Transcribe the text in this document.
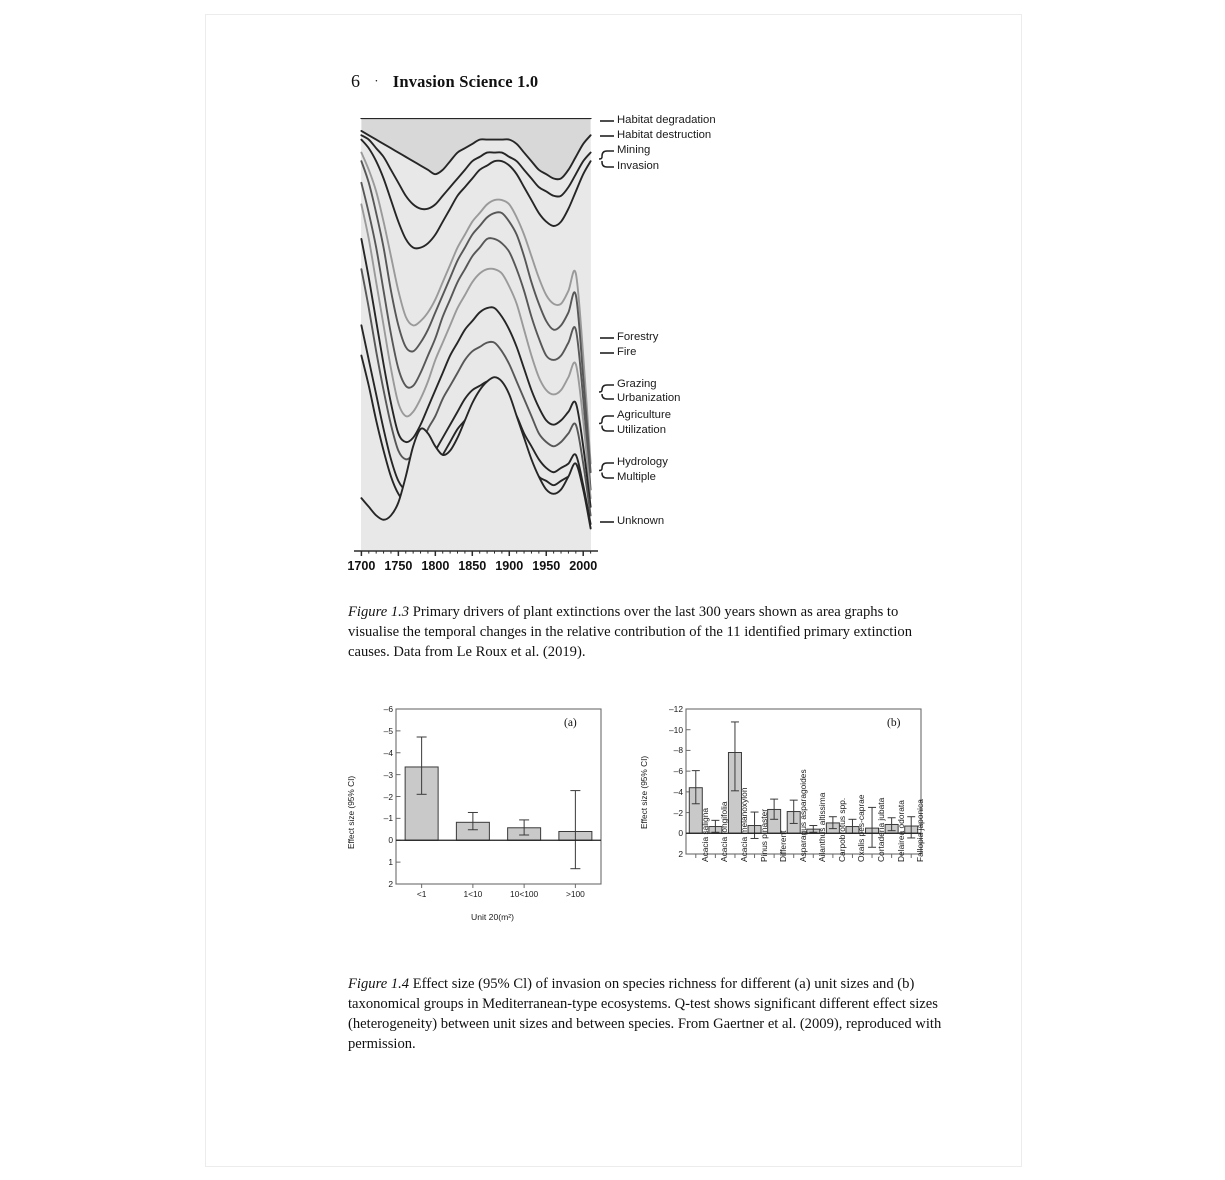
6 · Invasion Science 1.0
Habitat degradation
Habitat destruction
Mining
Invasion
Forestry
Fire
Grazing
Urbanization
Agriculture
Utilization
Hydrology
Multiple
Unknown
1700 1750 1800 1850 1900 1950 2000
Figure 1.3 Primary drivers of plant extinctions over the last 300 years shown as area graphs to visualise the temporal changes in the relative contribution of the 11 identified primary extinction causes. Data from Le Roux et al. (2019).
Effect size (95% CI)
(a)
Unit 20(m²)
–6
–5
–4
–3
–2
–1
0
1
2
<1	1<10	10<100	>100
Effect size (95% CI)
(b)
–12
–10
–8
–6
–4
–2
0
2 Acacia saligna Acacia longifolia Acacia melanoxylon Pinus pinaster Different Asparagus asparagoides Ailanthus altissima Carpobrotus spp. Oxalis pes-caprae Cortaderia jubata Delairea odorata Fallopia japonica
Figure 1.4 Effect size (95% Cl) of invasion on species richness for different (a) unit sizes and (b) taxonomical groups in Mediterranean-type ecosystems. Q-test shows significant different effect sizes (heterogeneity) between unit sizes and between species. From Gaertner et al. (2009), reproduced with permission.
